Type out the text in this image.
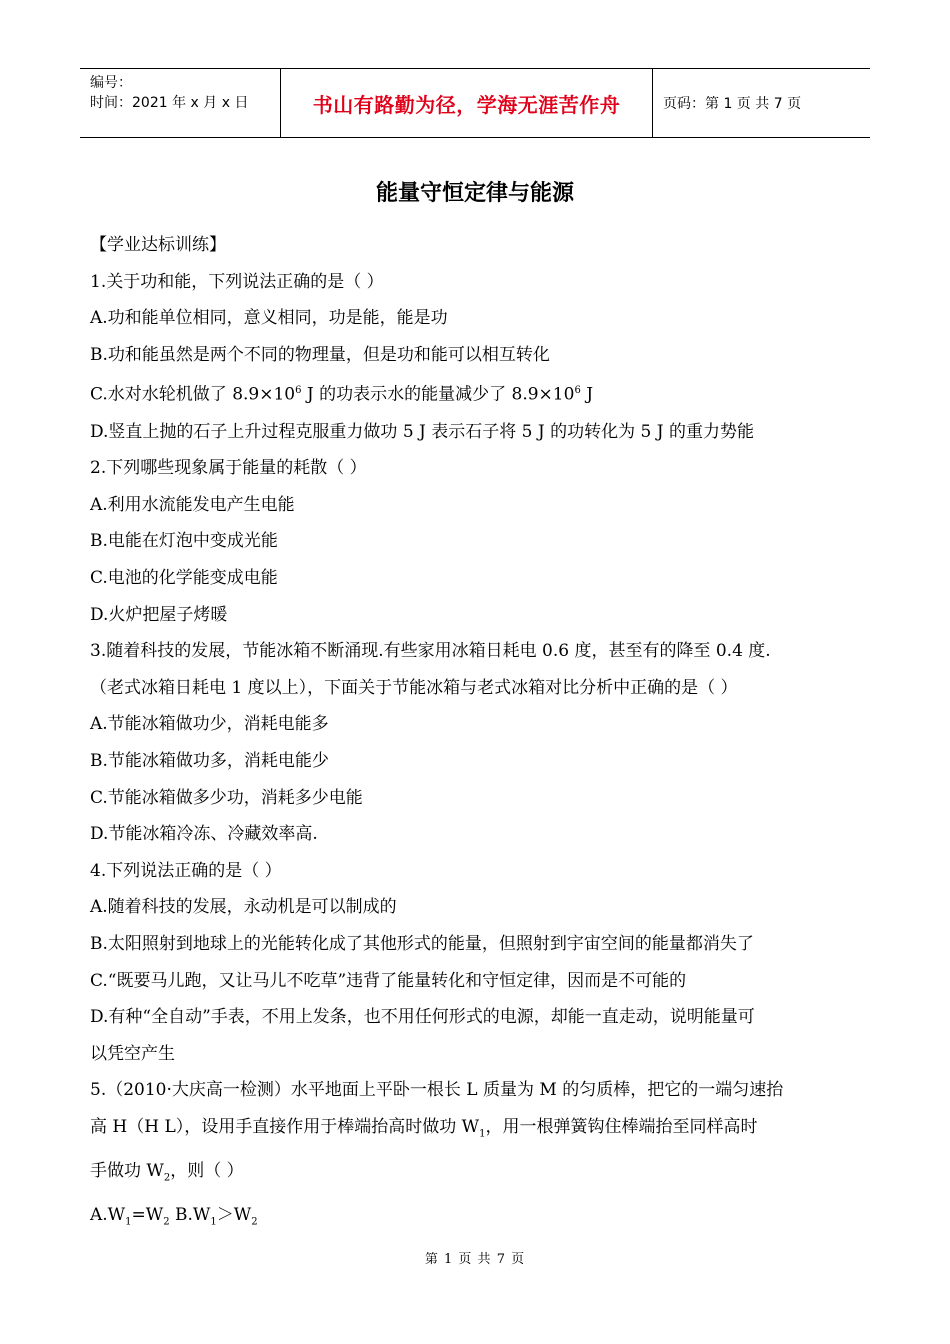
编号：
时间：2021 年 x 月 x 日	书山有路勤为径，学海无涯苦作舟	页码：第 1 页 共 7 页
能量守恒定律与能源
【学业达标训练】
1.关于功和能，下列说法正确的是（ ）
A.功和能单位相同，意义相同，功是能，能是功
B.功和能虽然是两个不同的物理量，但是功和能可以相互转化
C.水对水轮机做了 $8.9\times 10^6$ J 的功表示水的能量减少了 $8.9\times 10^6$ J
D.竖直上抛的石子上升过程克服重力做功 5 J 表示石子将 5 J 的功转化为 5 J 的重力势能
2.下列哪些现象属于能量的耗散（ ）
A.利用水流能发电产生电能
B.电能在灯泡中变成光能
C.电池的化学能变成电能
D.火炉把屋子烤暖
3.随着科技的发展，节能冰箱不断涌现.有些家用冰箱日耗电 0.6 度，甚至有的降至 0.4 度.
（老式冰箱日耗电 1 度以上），下面关于节能冰箱与老式冰箱对比分析中正确的是（ ）
A.节能冰箱做功少，消耗电能多
B.节能冰箱做功多，消耗电能少
C.节能冰箱做多少功，消耗多少电能
D.节能冰箱冷冻、冷藏效率高.
4.下列说法正确的是（ ）
A.随着科技的发展，永动机是可以制成的
B.太阳照射到地球上的光能转化成了其他形式的能量，但照射到宇宙空间的能量都消失了
C.“既要马儿跑，又让马儿不吃草”违背了能量转化和守恒定律，因而是不可能的
D.有种“全自动”手表，不用上发条，也不用任何形式的电源，却能一直走动，说明能量可
以凭空产生
5.（2010·大庆高一检测）水平地面上平卧一根长 L 质量为 M 的匀质棒，把它的一端匀速抬
高 H（H L），设用手直接作用于棒端抬高时做功 $W_1$，用一根弹簧钩住棒端抬至同样高时
手做功 $W_2$，则（ ）
$A.W_1=W_2$ $B.W_1>W_2$
第 1 页 共 7 页
